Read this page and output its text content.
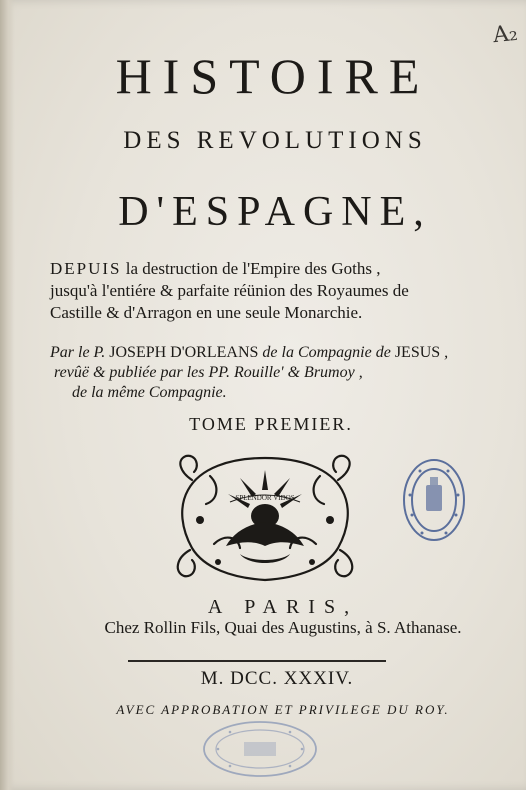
A₂
HISTOIRE
DES REVOLUTIONS
D'ESPAGNE,
DEPUIS la destruction de l'Empire des Goths ,
jusqu'à l'entiére & parfaite réünion des Royaumes de
Castille & d'Arragon en une seule Monarchie.
Par le P. JOSEPH D'ORLEANS de la Compagnie de JESUS ,
revûë & publiée par les PP. Rouille' & Brumoy ,
de la même Compagnie.
TOME PREMIER.
SPLENDOR VIDOS
A PARIS,
Chez Rollin Fils, Quai des Augustins, à S. Athanase.
M. DCC. XXXIV.
AVEC APPROBATION ET PRIVILEGE DU ROY.
